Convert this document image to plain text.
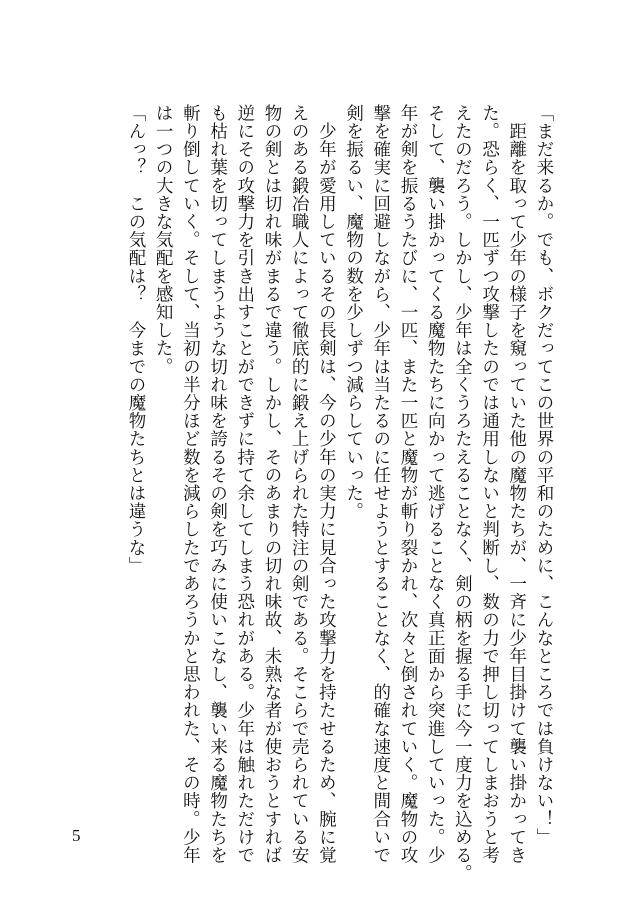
「まだ来るか。でも、ボクだってこの世界の平和のために、こんなところでは負けない！」
　距離を取って少年の様子を窺っていた他の魔物たちが、一斉に少年目掛けて襲い掛かってき
た。恐らく、一匹ずつ攻撃したのでは通用しないと判断し、数の力で押し切ってしまおうと考
えたのだろう。しかし、少年は全くうろたえることなく、剣の柄を握る手に今一度力を込める。
そして、襲い掛かってくる魔物たちに向かって逃げることなく真正面から突進していった。少
年が剣を振るうたびに、一匹、また一匹と魔物が斬り裂かれ、次々と倒されていく。魔物の攻
撃を確実に回避しながら、少年は当たるのに任せようとすることなく、的確な速度と間合いで
剣を振るい、魔物の数を少しずつ減らしていった。
　少年が愛用しているその長剣は、今の少年の実力に見合った攻撃力を持たせるため、腕に覚
えのある鍛冶職人によって徹底的に鍛え上げられた特注の剣である。そこらで売られている安
物の剣とは切れ味がまるで違う。しかし、そのあまりの切れ味故、未熟な者が使おうとすれば
逆にその攻撃力を引き出すことができずに持て余してしまう恐れがある。少年は触れただけで
も枯れ葉を切ってしまうような切れ味を誇るその剣を巧みに使いこなし、襲い来る魔物たちを
斬り倒していく。そして、当初の半分ほど数を減らしたであろうかと思われた、その時。少年
は一つの大きな気配を感知した。
「んっ？　この気配は？　今までの魔物たちとは違うな」
5
